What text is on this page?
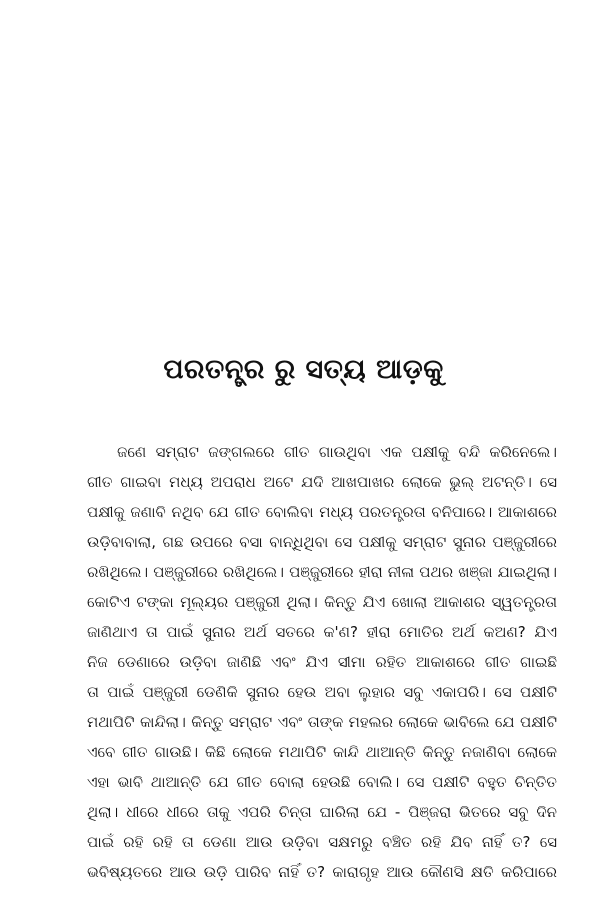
ପରତନ୍ତ୍ର ରୁ ସତ୍ୟ ଆଡ଼କୁ
ଜଣେ ସମ୍ରାଟ ଜଙ୍ଗଲରେ ଗୀତ ଗାଉଥିବା ଏକ ପକ୍ଷୀକୁ ବନ୍ଦି କରିନେଲେ।
ଗୀତ ଗାଇବା ମଧ୍ୟ ଅପରାଧ ଅଟେ ଯଦି ଆଖପାଖର ଲୋକେ ଭୁଲ୍ ଅଟନ୍ତି। ସେ
ପକ୍ଷୀକୁ ଜଣାବି ନଥିବ ଯେ ଗୀତ ବୋଲିବା ମଧ୍ୟ ପରତନ୍ତ୍ରତା ବନିପାରେ। ଆକାଶରେ
ଉଡ଼ିବାବାଲା, ଗଛ ଉପରେ ବସା ବାନ୍ଧିଥିବା ସେ ପକ୍ଷୀକୁ ସମ୍ରାଟ ସୁନାର ପଞ୍ଜୁରୀରେ
ରଖିଥିଲେ। ପଞ୍ଜୁରୀରେ ରଖିଥିଲେ। ପଞ୍ଜୁରୀରେ ହୀରା ନୀଳା ପଥର ଖଞ୍ଜା ଯାଇଥିଲା।
କୋଟିଏ ଟଙ୍କା ମୂଲ୍ୟର ପଞ୍ଜୁରୀ ଥିଲା। କିନ୍ତୁ ଯିଏ ଖୋଲା ଆକାଶର ସ୍ୱତନ୍ତ୍ରତା
ଜାଣିଥାଏ ତା ପାଇଁ ସୁନାର ଅର୍ଥ ସତରେ କ'ଣ? ହୀରା ମୋତିର ଅର୍ଥ କଅଣ? ଯିଏ
ନିଜ ଡେଣାରେ ଉଡ଼ିବା ଜାଣିଛି ଏବଂ ଯିଏ ସୀମା ରହିତ ଆକାଶରେ ଗୀତ ଗାଇଛି
ତା ପାଇଁ ପଞ୍ଜୁରୀ ଡେଣିକି ସୁନାର ହେଉ ଅବା ଲୁହାର ସବୁ ଏକାପରି। ସେ ପକ୍ଷୀଟି
ମଥାପିଟି କାନ୍ଦିଲା। କିନ୍ତୁ ସମ୍ରାଟ ଏବଂ ତାଙ୍କ ମହଲର ଲୋକେ ଭାବିଲେ ଯେ ପକ୍ଷୀଟି
ଏବେ ଗୀତ ଗାଉଛି। କିଛି ଲୋକେ ମଥାପିଟି କାନ୍ଦି ଥାଆନ୍ତି କିନ୍ତୁ ନଜାଣିବା ଲୋକେ
ଏହା ଭାବି ଥାଆନ୍ତି ଯେ ଗୀତ ବୋଲା ହେଉଛି ବୋଲି। ସେ ପକ୍ଷୀଟି ବହୁତ ଚିନ୍ତିତ
ଥିଲା। ଧୀରେ ଧୀରେ ତାକୁ ଏପରି ଚିନ୍ତା ଘାରିଲା ଯେ - ପିଞ୍ଜରା ଭିତରେ ସବୁ ଦିନ
ପାଇଁ ରହି ରହି ତା ଡେଣା ଆଉ ଉଡ଼ିବା ସକ୍ଷମରୁ ବଞ୍ଚିତ ରହି ଯିବ ନାହିଁ ତ? ସେ
ଭବିଷ୍ୟତରେ ଆଉ ଉଡ଼ି ପାରିବ ନାହିଁ ତ? କାରାଗୃହ ଆଉ କୌଣସି କ୍ଷତି କରିପାରେ
